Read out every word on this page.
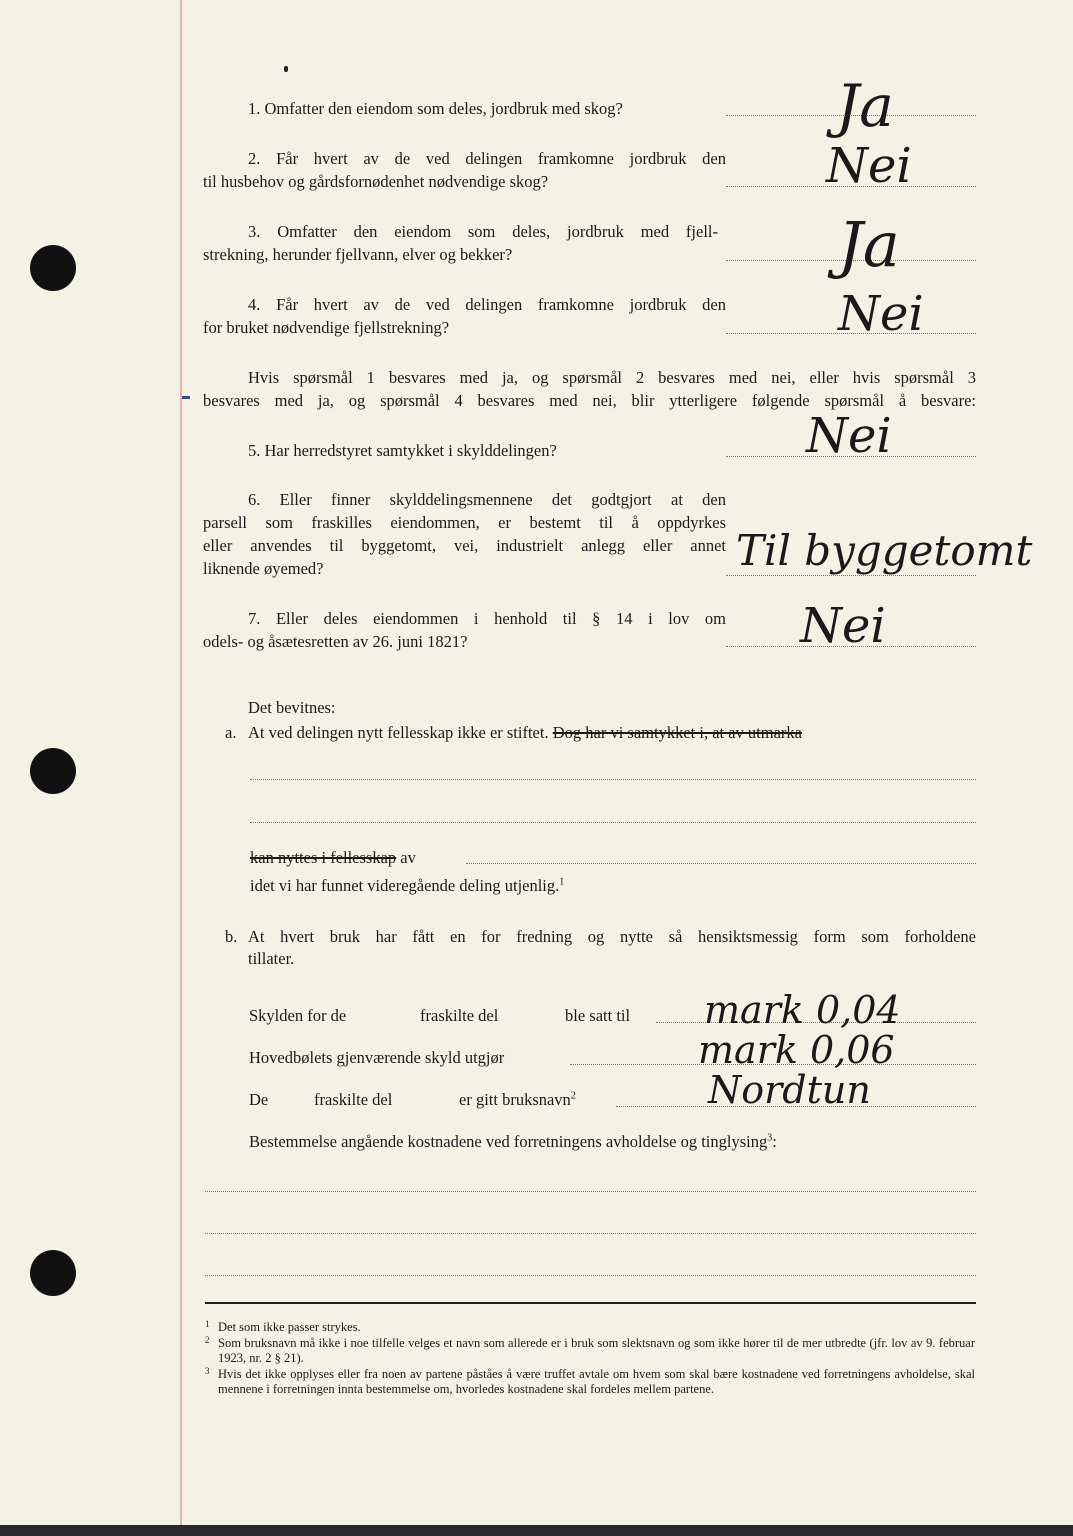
1. Omfatter den eiendom som deles, jordbruk med skog?	Ja
2. Får hvert av de ved delingen framkomne jordbruk den
til husbehov og gårdsfornødenhet nødvendige skog?	Nei
3. Omfatter den eiendom som deles, jordbruk med fjell-
strekning, herunder fjellvann, elver og bekker?	Ja
4. Får hvert av de ved delingen framkomne jordbruk den
for bruket nødvendige fjellstrekning?	Nei
Hvis spørsmål 1 besvares med ja, og spørsmål 2 besvares med nei, eller hvis spørsmål 3
besvares med ja, og spørsmål 4 besvares med nei, blir ytterligere følgende spørsmål å besvare:
5. Har herredstyret samtykket i skylddelingen?	Nei
6. Eller finner skylddelingsmennene det godtgjort at den
parsell som fraskilles eiendommen, er bestemt til å oppdyrkes
eller anvendes til byggetomt, vei, industrielt anlegg eller annet
liknende øyemed?	Til byggetomt
7. Eller deles eiendommen i henhold til § 14 i lov om
odels- og åsætesretten av 26. juni 1821?	Nei
Det bevitnes:
a. At ved delingen nytt fellesskap ikke er stiftet. Dog har vi samtykket i, at av utmarka
kan nyttes i fellesskap av
idet vi har funnet videregående deling utjenlig.$^1$
b. At hvert bruk har fått en for fredning og nytte så hensiktsmessig form som forholdene
tillater.
Skylden for de	fraskilte del	ble satt til mark 0,04
Hovedbølets gjenværende skyld utgjør	mark 0,06
De	fraskilte del	er gitt bruksnavn$^2$	Nordtun
Bestemmelse angående kostnadene ved forretningens avholdelse og tinglysing$^3$:
1 Det som ikke passer strykes.
2 Som bruksnavn må ikke i noe tilfelle velges et navn som allerede er i bruk som slektsnavn og som ikke hører til de mer utbredte (jfr. lov av 9. februar 1923, nr. 2 § 21).
3 Hvis det ikke opplyses eller fra noen av partene påståes å være truffet avtale om hvem som skal bære kostnadene ved forretningens avholdelse, skal mennene i forretningen innta bestemmelse om, hvorledes kostnadene skal fordeles mellem partene.
